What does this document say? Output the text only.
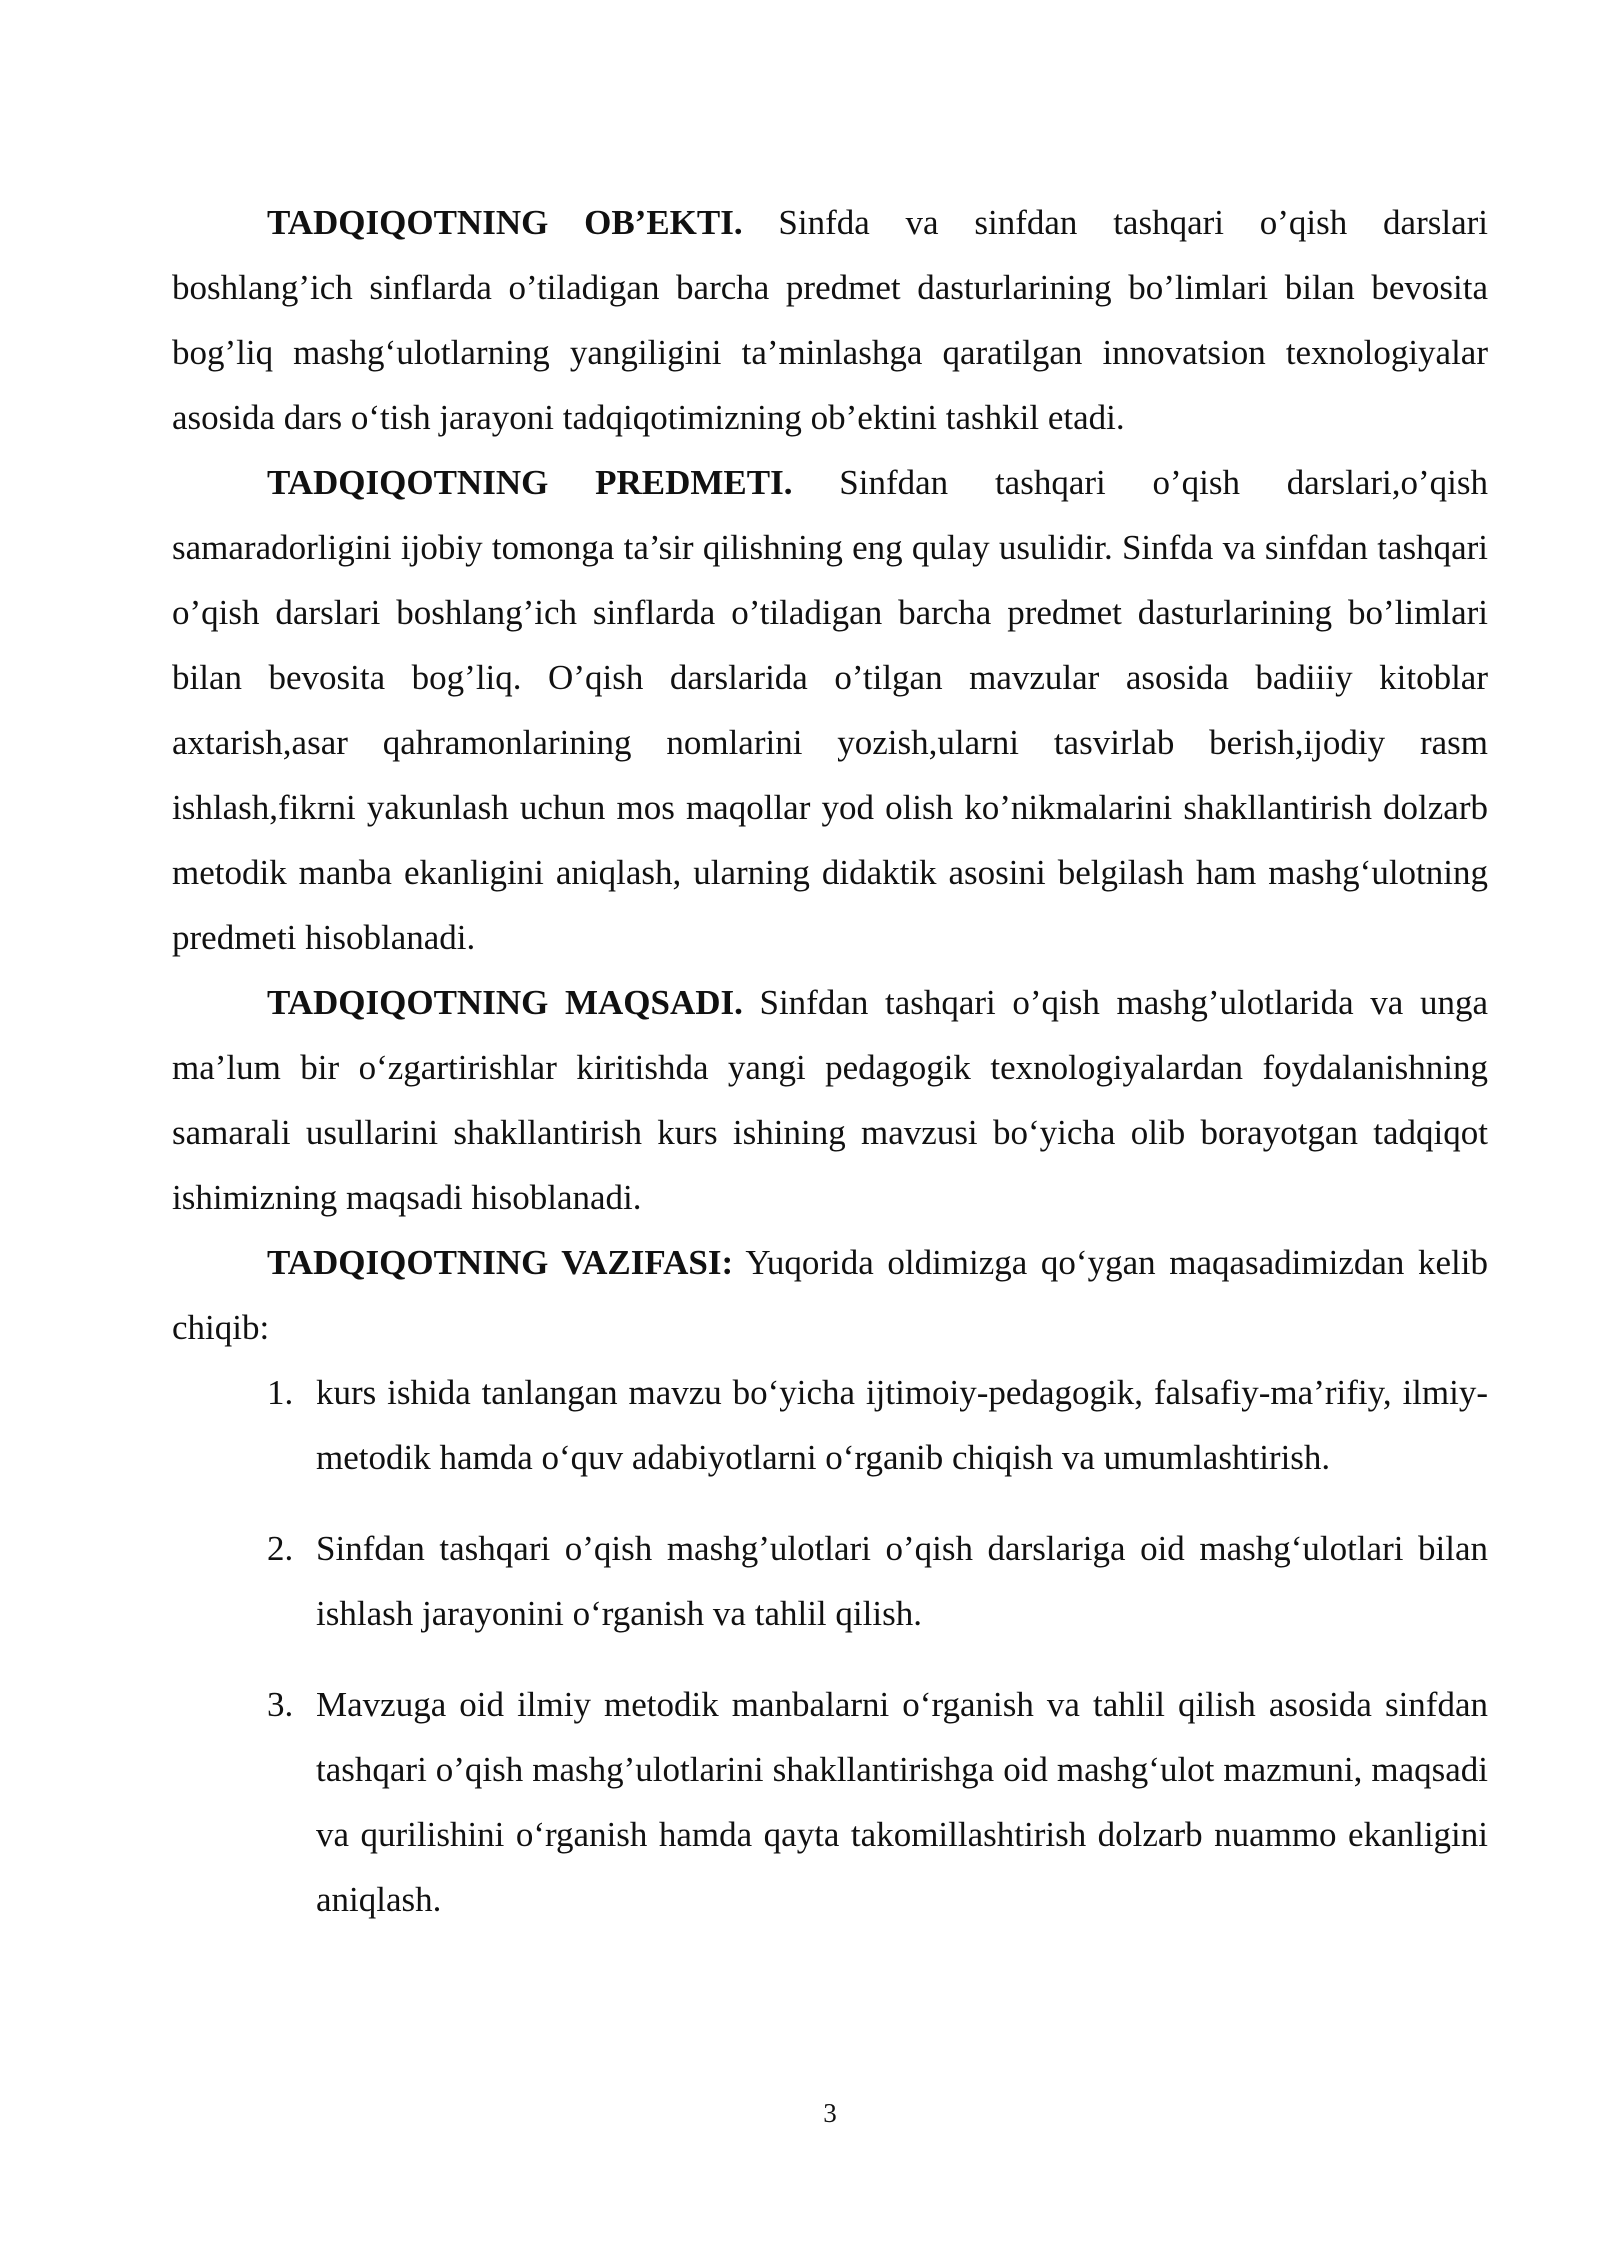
TADQIQOTNING OB’EKTI. Sinfda va sinfdan tashqari o’qish darslari boshlang’ich sinflarda o’tiladigan barcha predmet dasturlarining bo’limlari bilan bevosita bog’liq mashg‘ulotlarning yangiligini ta’minlashga qaratilgan innovatsion texnologiyalar asosida dars o‘tish jarayoni tadqiqotimizning ob’ektini tashkil etadi.

TADQIQOTNING PREDMETI. Sinfdan tashqari o’qish darslari,o’qish samaradorligini ijobiy tomonga ta’sir qilishning eng qulay usulidir. Sinfda va sinfdan tashqari o’qish darslari boshlang’ich sinflarda o’tiladigan barcha predmet dasturlarining bo’limlari bilan bevosita bog’liq. O’qish darslarida o’tilgan mavzular asosida badiiiy kitoblar axtarish,asar qahramonlarining nomlarini yozish,ularni tasvirlab berish,ijodiy rasm ishlash,fikrni yakunlash uchun mos maqollar yod olish ko’nikmalarini shakllantirish dolzarb metodik manba ekanligini aniqlash, ularning didaktik asosini belgilash ham mashg‘ulotning predmeti hisoblanadi.

TADQIQOTNING MAQSADI. Sinfdan tashqari o’qish mashg’ulotlarida va unga ma’lum bir o‘zgartirishlar kiritishda yangi pedagogik texnologiyalardan foydalanishning samarali usullarini shakllantirish kurs ishining mavzusi bo‘yicha olib borayotgan tadqiqot ishimizning maqsadi hisoblanadi.

TADQIQOTNING VAZIFASI: Yuqorida oldimizga qo‘ygan maqasadimizdan kelib chiqib:

1. kurs ishida tanlangan mavzu bo‘yicha ijtimoiy-pedagogik, falsafiy-ma’rifiy, ilmiy-metodik hamda o‘quv adabiyotlarni o‘rganib chiqish va umumlashtirish.
2. Sinfdan tashqari o’qish mashg’ulotlari o’qish darslariga oid mashg‘ulotlari bilan ishlash jarayonini o‘rganish va tahlil qilish.
3. Mavzuga oid ilmiy metodik manbalarni o‘rganish va tahlil qilish asosida sinfdan tashqari o’qish mashg’ulotlarini shakllantirishga oid mashg‘ulot mazmuni, maqsadi va qurilishini o‘rganish hamda qayta takomillashtirish dolzarb nuammo ekanligini aniqlash.
3
